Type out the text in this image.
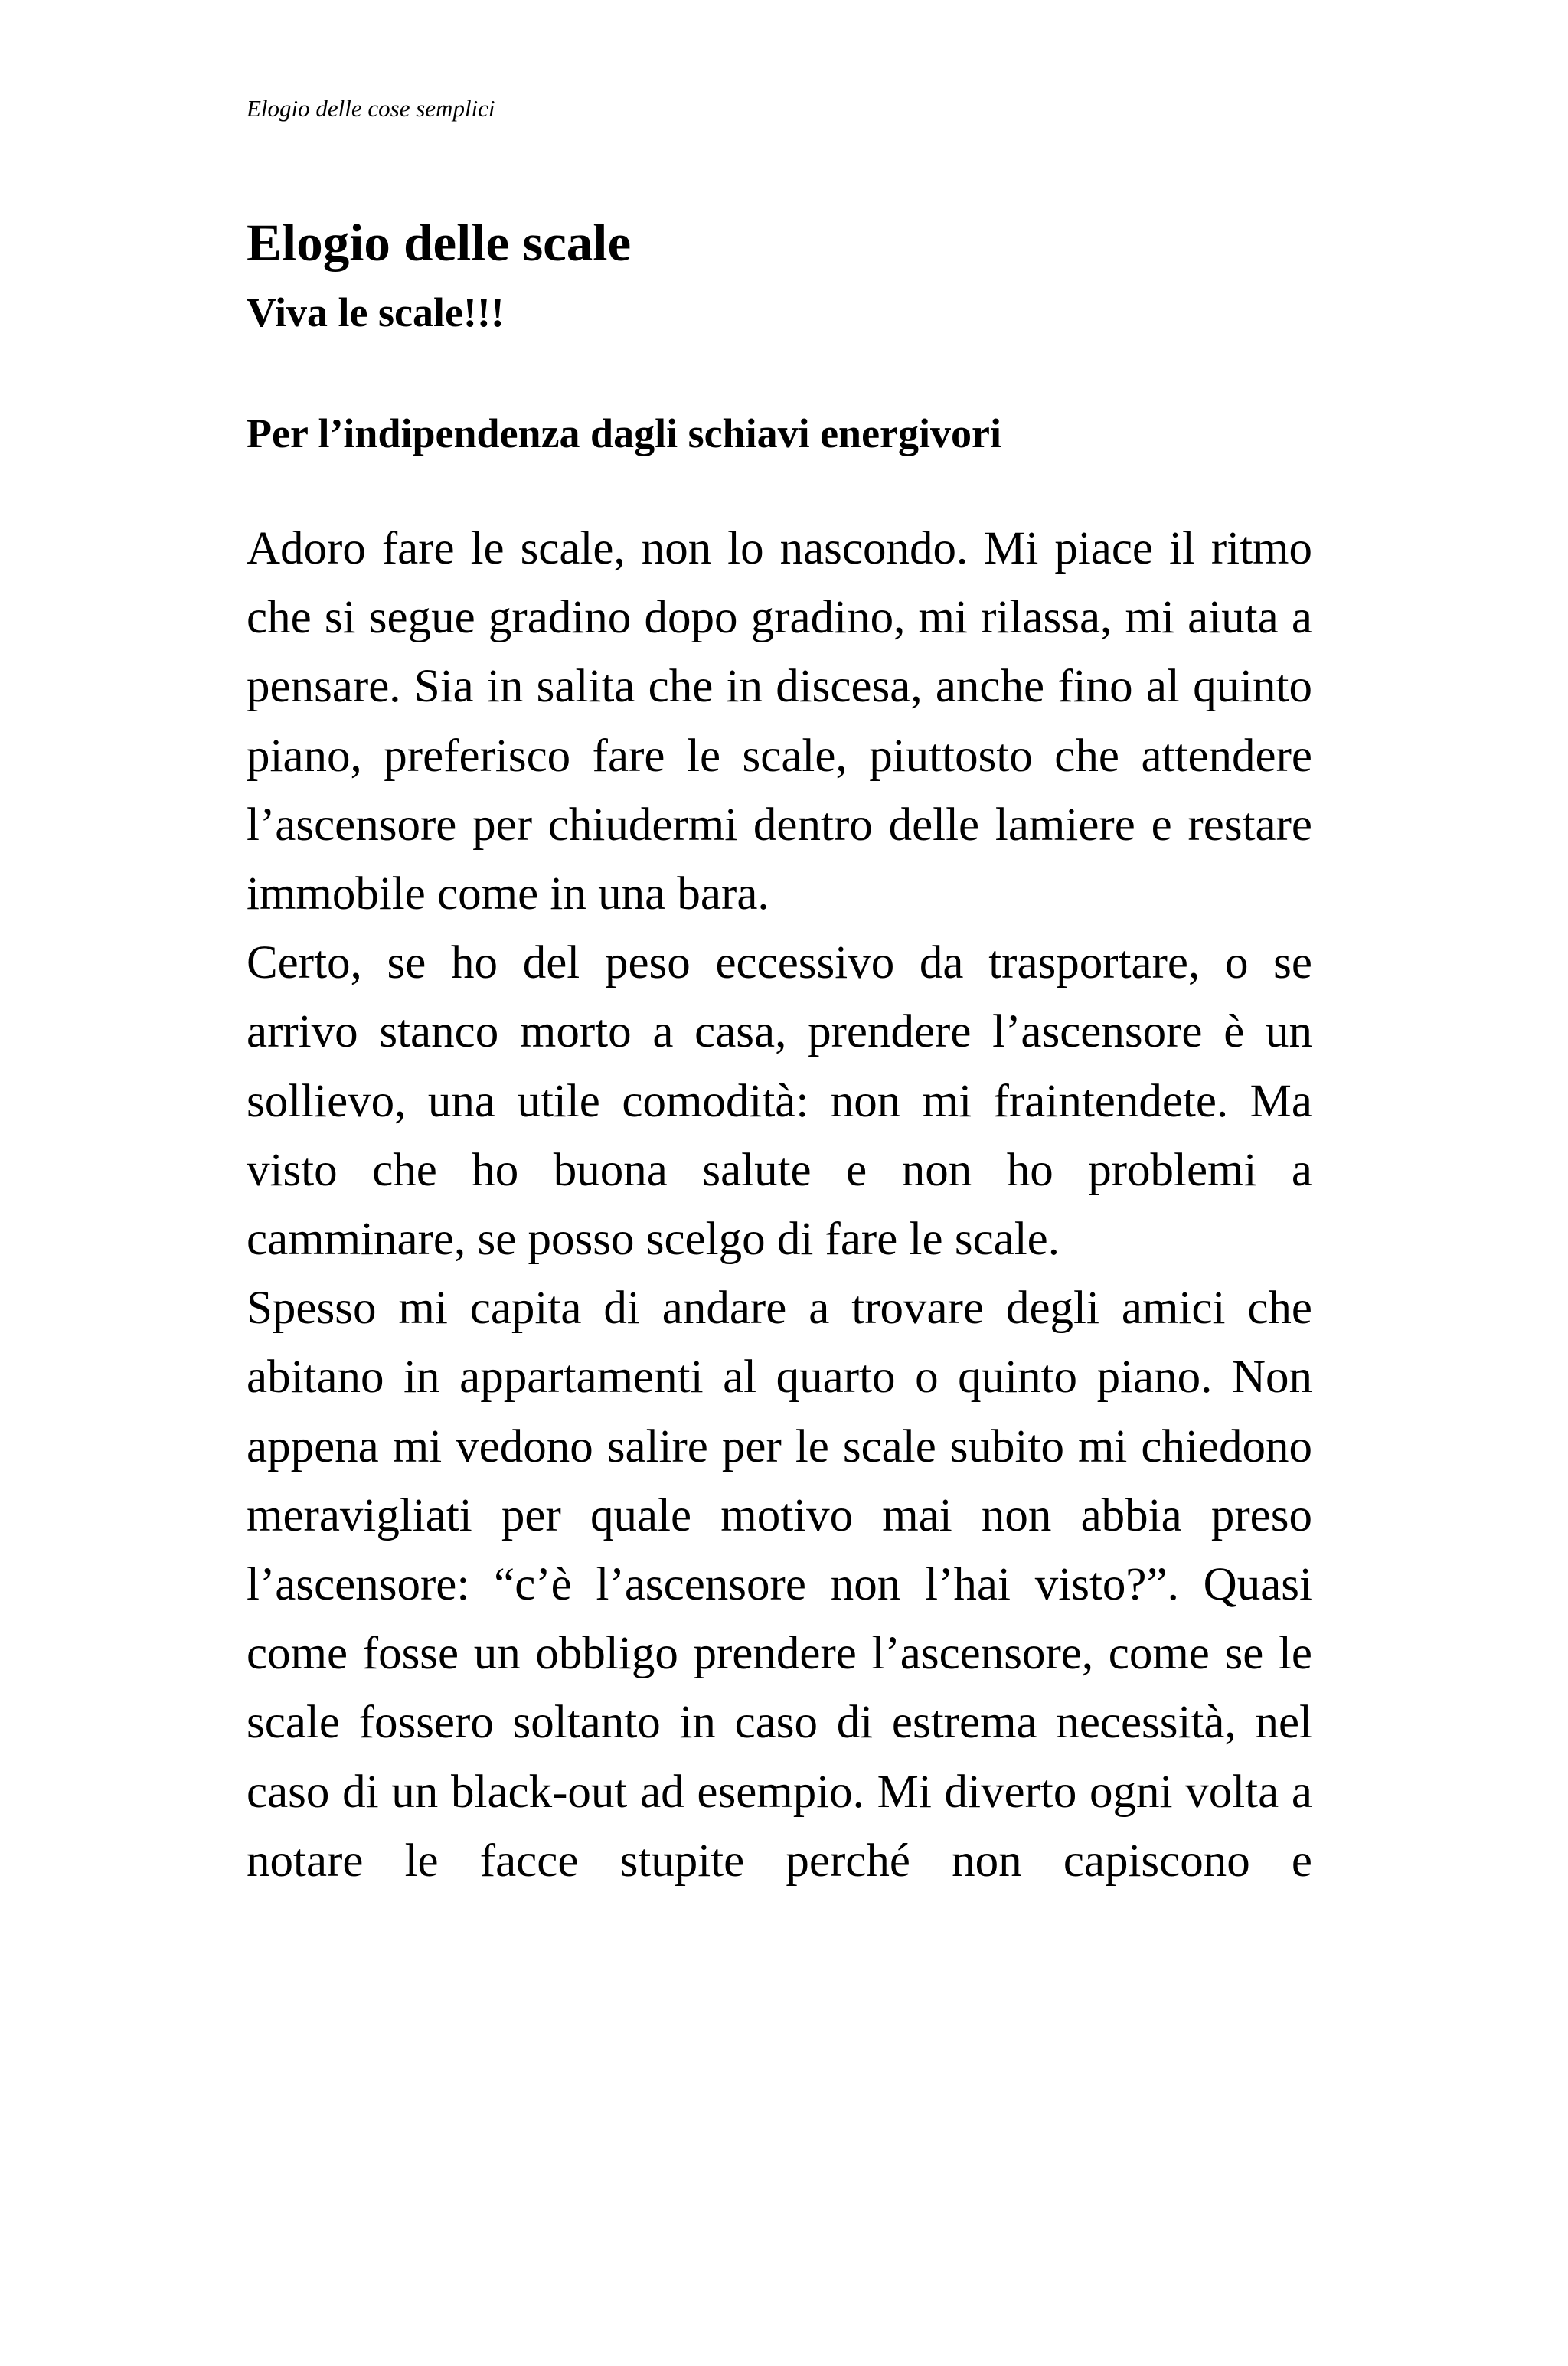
Elogio delle cose semplici
Elogio delle scale
Viva le scale!!!
Per l’indipendenza dagli schiavi energivori

Adoro fare le scale, non lo nascondo. Mi piace il ritmo che si segue gradino dopo gradino, mi rilassa, mi aiuta a pensare. Sia in salita che in discesa, anche fino al quinto piano, preferisco fare le scale, piuttosto che attendere l’ascensore per chiudermi dentro delle lamiere e restare immobile come in una bara.

Certo, se ho del peso eccessivo da trasportare, o se arrivo stanco morto a casa, prendere l’ascensore è un sollievo, una utile comodità: non mi fraintendete. Ma visto che ho buona salute e non ho problemi a camminare, se posso scelgo di fare le scale.

Spesso mi capita di andare a trovare degli amici che abitano in appartamenti al quarto o quinto piano. Non appena mi vedono salire per le scale subito mi chiedono meravigliati per quale motivo mai non abbia preso l’ascensore: “c’è l’ascensore non l’hai visto?”. Quasi come fosse un obbligo prendere l’ascensore, come se le scale fossero soltanto in caso di estrema necessità, nel caso di un black-out ad esempio. Mi diverto ogni volta a notare le facce stupite perché non capiscono e
